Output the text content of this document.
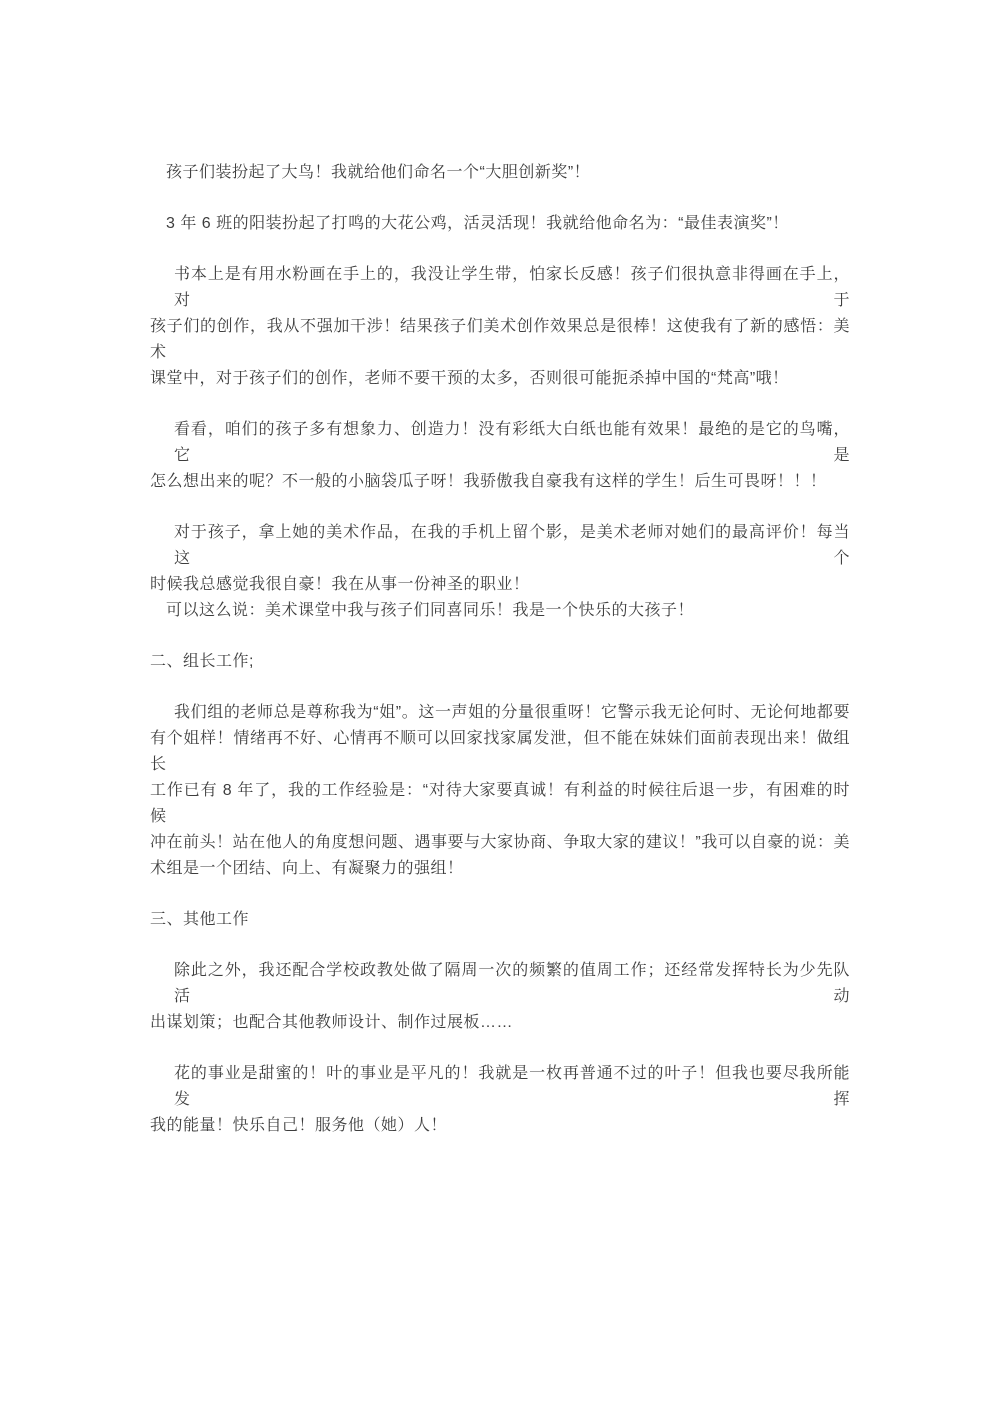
孩子们装扮起了大鸟！我就给他们命名一个“大胆创新奖”！
3 年 6 班的阳装扮起了打鸣的大花公鸡，活灵活现！我就给他命名为：“最佳表演奖”！
书本上是有用水粉画在手上的，我没让学生带，怕家长反感！孩子们很执意非得画在手上，对于
孩子们的创作，我从不强加干涉！结果孩子们美术创作效果总是很棒！这使我有了新的感悟：美术
课堂中，对于孩子们的创作，老师不要干预的太多，否则很可能扼杀掉中国的“梵高”哦！
看看，咱们的孩子多有想象力、创造力！没有彩纸大白纸也能有效果！最绝的是它的鸟嘴，它是
怎么想出来的呢？不一般的小脑袋瓜子呀！我骄傲我自豪我有这样的学生！后生可畏呀！！！
对于孩子，拿上她的美术作品，在我的手机上留个影，是美术老师对她们的最高评价！每当这个
时候我总感觉我很自豪！我在从事一份神圣的职业！
可以这么说：美术课堂中我与孩子们同喜同乐！我是一个快乐的大孩子！
二、组长工作;
我们组的老师总是尊称我为“姐”。这一声姐的分量很重呀！它警示我无论何时、无论何地都要
有个姐样！情绪再不好、心情再不顺可以回家找家属发泄，但不能在妹妹们面前表现出来！做组长
工作已有 8 年了，我的工作经验是：“对待大家要真诚！有利益的时候往后退一步，有困难的时候
冲在前头！站在他人的角度想问题、遇事要与大家协商、争取大家的建议！”我可以自豪的说：美
术组是一个团结、向上、有凝聚力的强组！
三、其他工作
除此之外，我还配合学校政教处做了隔周一次的频繁的值周工作；还经常发挥特长为少先队活动
出谋划策；也配合其他教师设计、制作过展板……
花的事业是甜蜜的！叶的事业是平凡的！我就是一枚再普通不过的叶子！但我也要尽我所能发挥
我的能量！快乐自己！服务他（她）人！
